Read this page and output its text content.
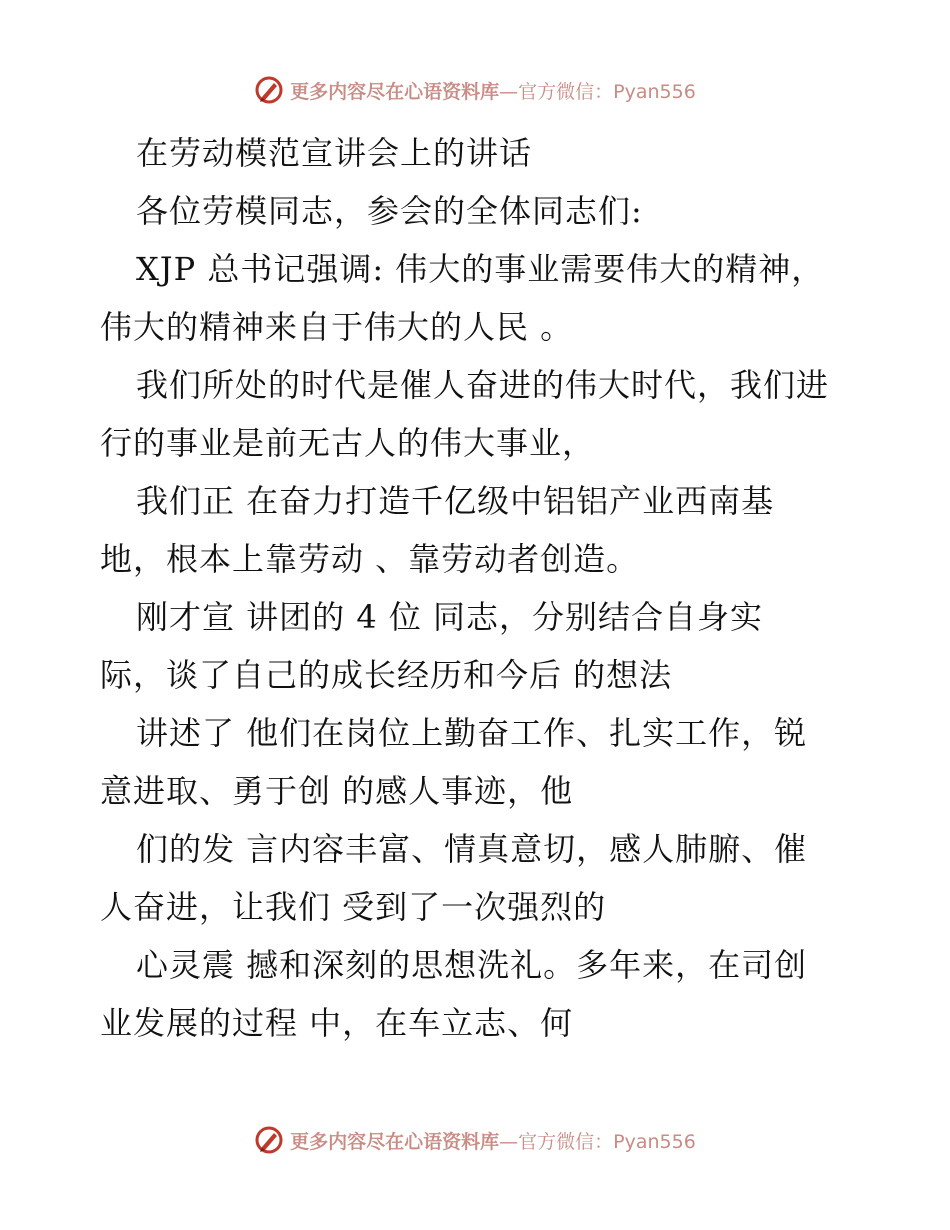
更多内容尽在心语资料库—官方微信：Pyan556
在劳动模范宣讲会上的讲话
各位劳模同志，参会的全体同志们:
XJP 总书记强调: 伟大的事业需要伟大的精神，
伟大的精神来自于伟大的人民 。
我们所处的时代是催人奋进的伟大时代，我们进
行的事业是前无古人的伟大事业，
我们正 在奋力打造千亿级中铝铝产业西南基
地，根本上靠劳动 、靠劳动者创造。
刚才宣 讲团的 4 位 同志，分别结合自身实
际，谈了自己的成长经历和今后 的想法
讲述了 他们在岗位上勤奋工作、扎实工作，锐
意进取、勇于创 的感人事迹，他
们的发 言内容丰富、情真意切，感人肺腑、催
人奋进，让我们 受到了一次强烈的
心灵震 撼和深刻的思想洗礼。多年来，在司创
业发展的过程 中，在车立志、何
更多内容尽在心语资料库—官方微信：Pyan556
